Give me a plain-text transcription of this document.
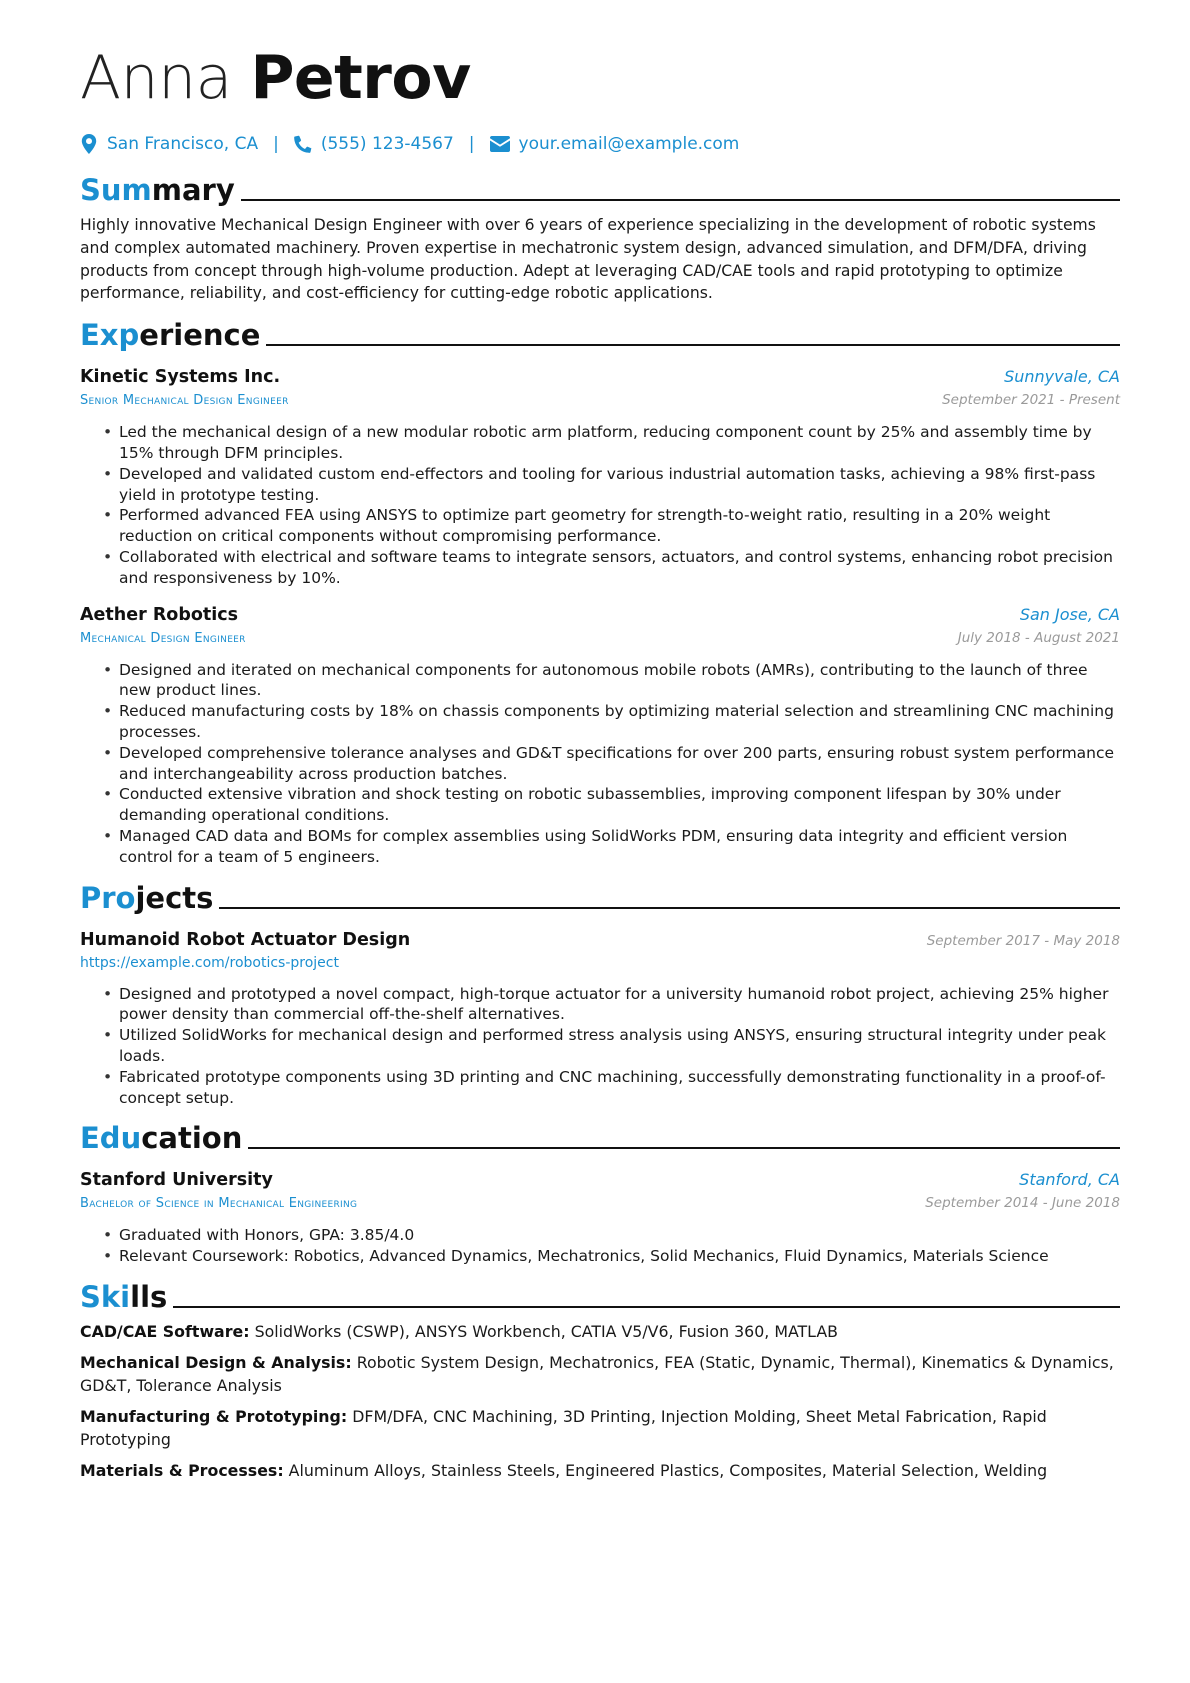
Anna Petrov
San Francisco, CA | (555) 123-4567 |	your.email@example.com
Summary
Highly innovative Mechanical Design Engineer with over 6 years of experience specializing in the development of robotic systems and complex automated machinery. Proven expertise in mechatronic system design, advanced simulation, and DFM/DFA, driving products from concept through high-volume production. Adept at leveraging CAD/CAE tools and rapid prototyping to optimize performance, reliability, and cost-efficiency for cutting-edge robotic applications.
Experience
Kinetic Systems Inc.	Sunnyvale, CA
Senior Mechanical Design Engineer	September 2021 - Present
• Led the mechanical design of a new modular robotic arm platform, reducing component count by 25% and assembly time by 15% through DFM principles.
• Developed and validated custom end-effectors and tooling for various industrial automation tasks, achieving a 98% first-pass yield in prototype testing.
• Performed advanced FEA using ANSYS to optimize part geometry for strength-to-weight ratio, resulting in a 20% weight reduction on critical components without compromising performance.
• Collaborated with electrical and software teams to integrate sensors, actuators, and control systems, enhancing robot precision and responsiveness by 10%.
Aether Robotics	San Jose, CA
Mechanical Design Engineer	July 2018 - August 2021
• Designed and iterated on mechanical components for autonomous mobile robots (AMRs), contributing to the launch of three new product lines.
• Reduced manufacturing costs by 18% on chassis components by optimizing material selection and streamlining CNC machining processes.
• Developed comprehensive tolerance analyses and GD&T specifications for over 200 parts, ensuring robust system performance and interchangeability across production batches.
• Conducted extensive vibration and shock testing on robotic subassemblies, improving component lifespan by 30% under demanding operational conditions.
• Managed CAD data and BOMs for complex assemblies using SolidWorks PDM, ensuring data integrity and efficient version control for a team of 5 engineers.
Projects
Humanoid Robot Actuator Design	September 2017 - May 2018
https://example.com/robotics-project
• Designed and prototyped a novel compact, high-torque actuator for a university humanoid robot project, achieving 25% higher power density than commercial off-the-shelf alternatives.
• Utilized SolidWorks for mechanical design and performed stress analysis using ANSYS, ensuring structural integrity under peak loads.
• Fabricated prototype components using 3D printing and CNC machining, successfully demonstrating functionality in a proof-of-concept setup.
Education
Stanford University	Stanford, CA
Bachelor of Science in Mechanical Engineering	September 2014 - June 2018
• Graduated with Honors, GPA: 3.85/4.0
• Relevant Coursework: Robotics, Advanced Dynamics, Mechatronics, Solid Mechanics, Fluid Dynamics, Materials Science
Skills
CAD/CAE Software: SolidWorks (CSWP), ANSYS Workbench, CATIA V5/V6, Fusion 360, MATLAB
Mechanical Design & Analysis: Robotic System Design, Mechatronics, FEA (Static, Dynamic, Thermal), Kinematics & Dynamics, GD&T, Tolerance Analysis
Manufacturing & Prototyping: DFM/DFA, CNC Machining, 3D Printing, Injection Molding, Sheet Metal Fabrication, Rapid Prototyping
Materials & Processes: Aluminum Alloys, Stainless Steels, Engineered Plastics, Composites, Material Selection, Welding
